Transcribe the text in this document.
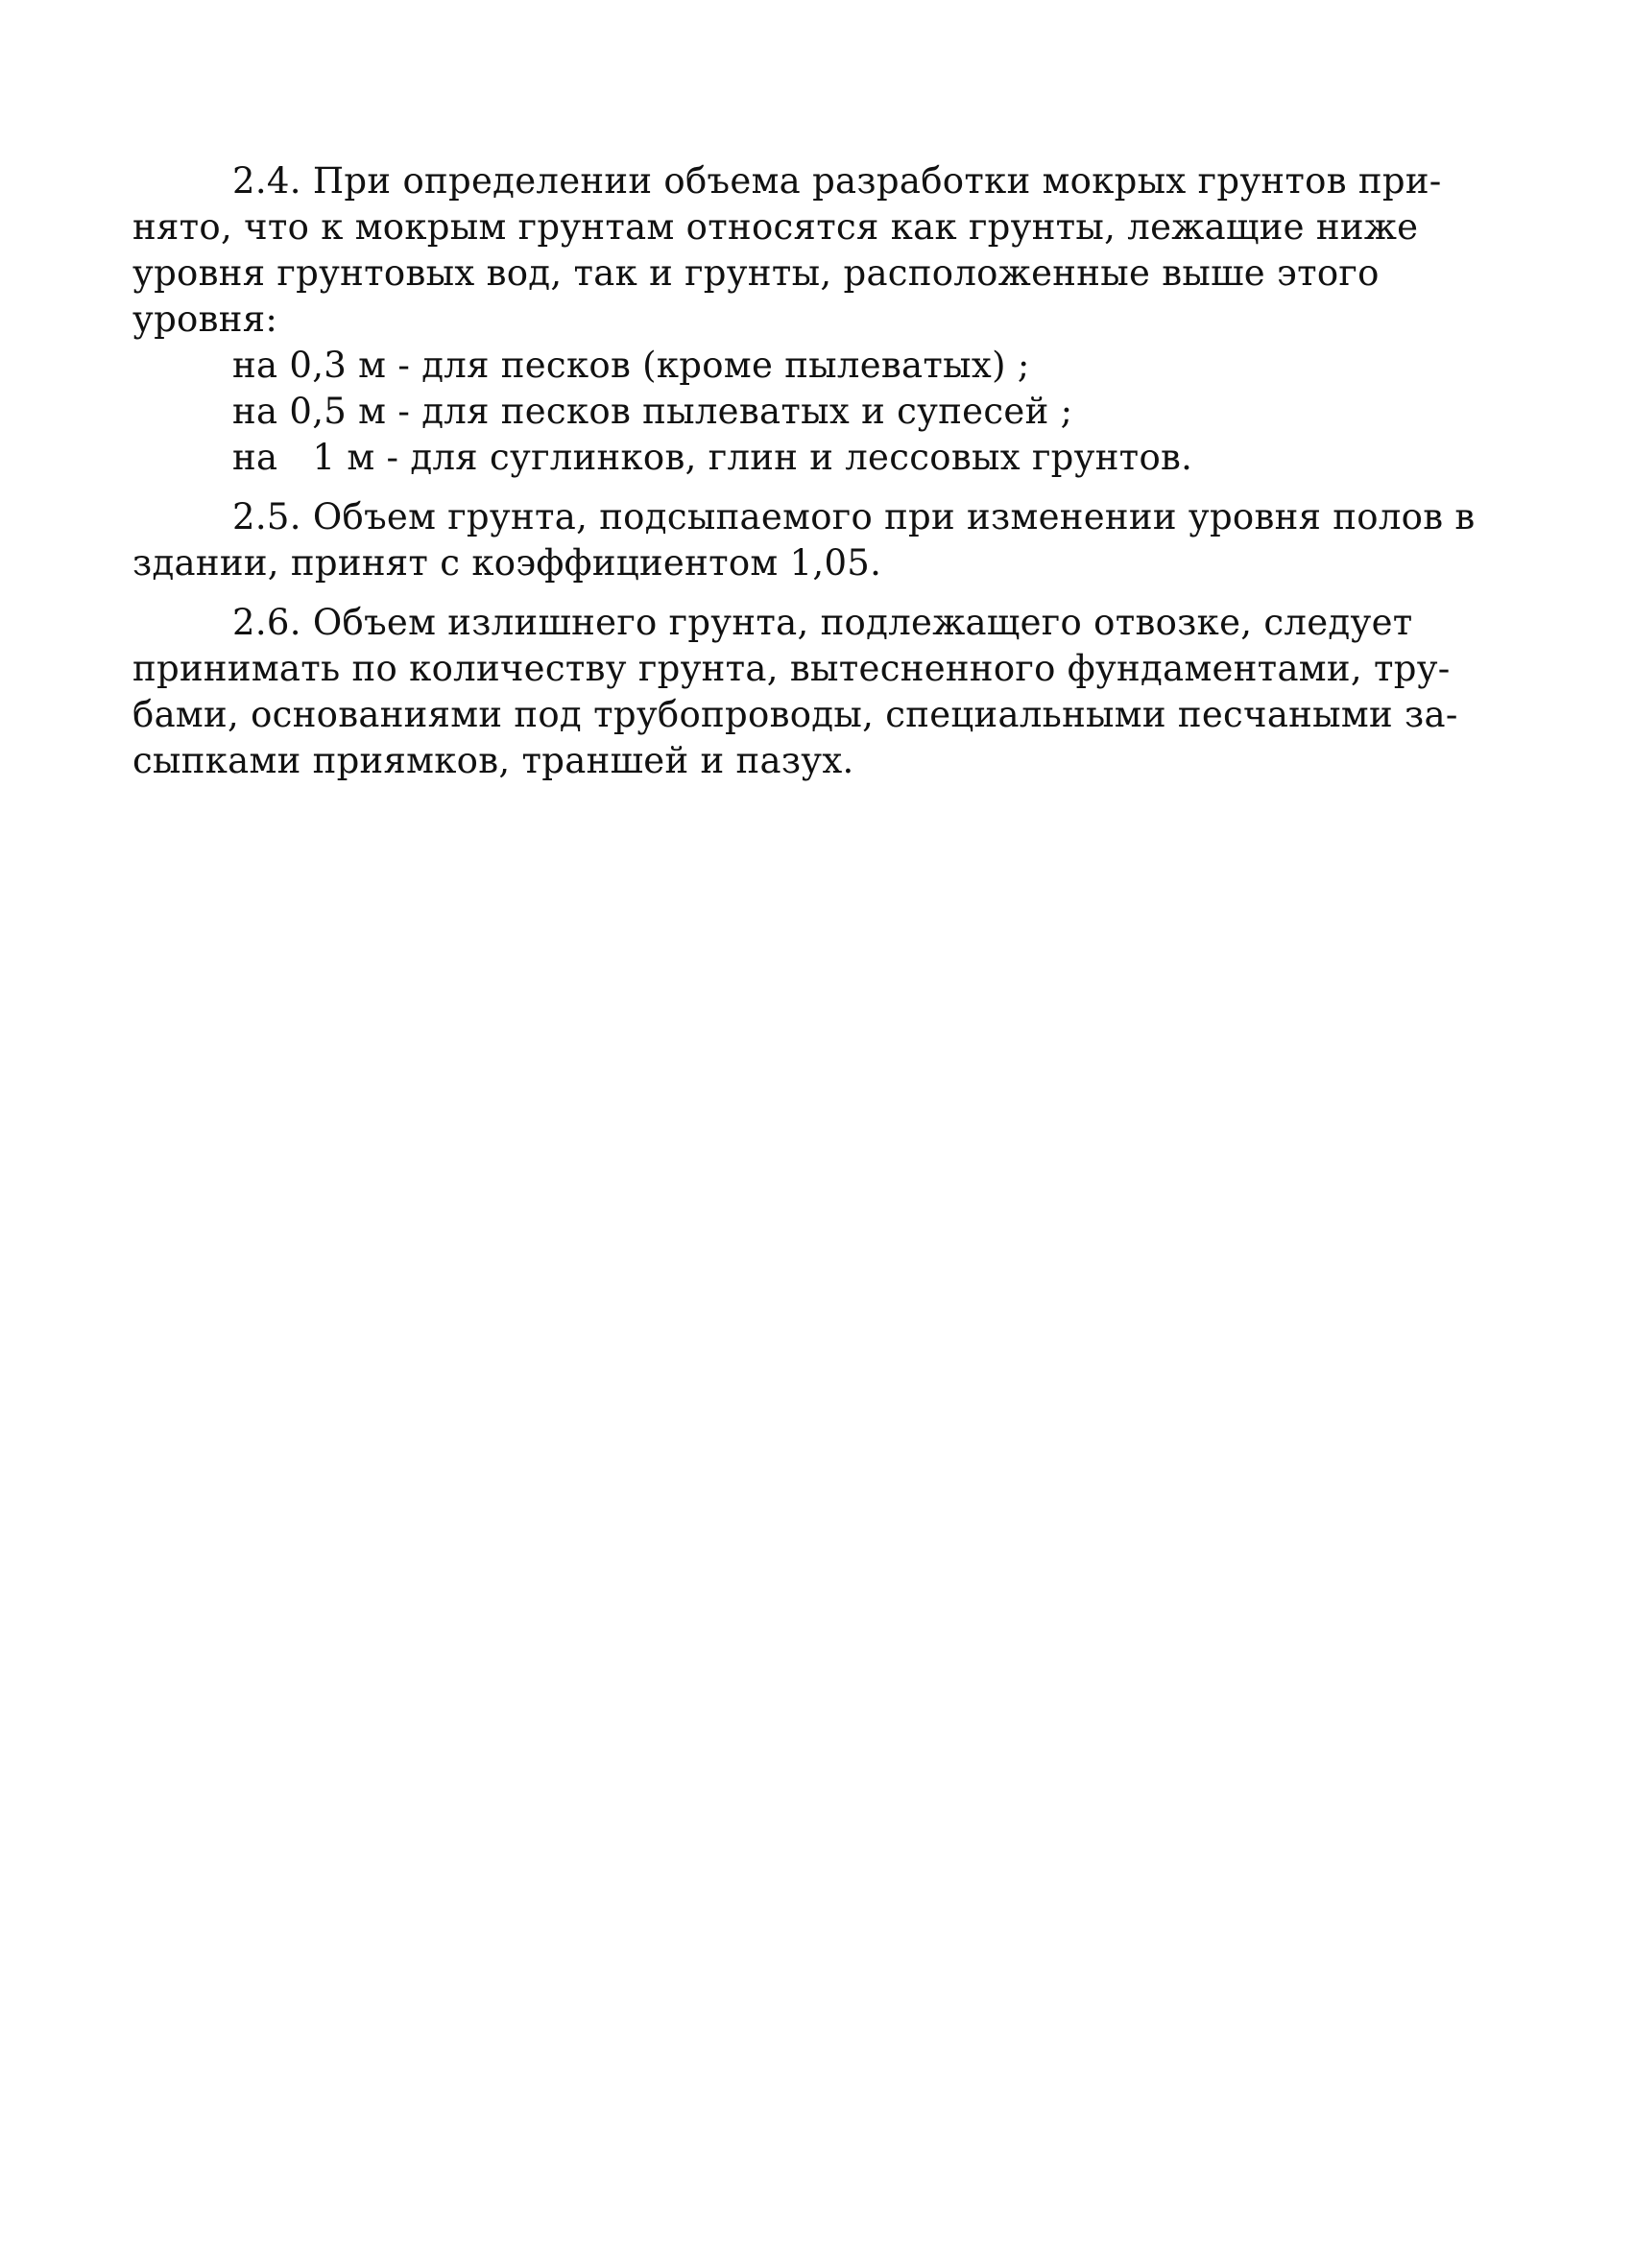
2.4. При определении объема разработки мокрых грунтов при-
нято, что к мокрым грунтам относятся как грунты, лежащие ниже
уровня грунтовых вод, так и грунты, расположенные выше этого
уровня:
на 0,3 м - для песков (кроме пылеватых) ;
на 0,5 м - для песков пылеватых и супесей ;
на   1 м - для суглинков, глин и лессовых грунтов.
2.5. Объем грунта, подсыпаемого при изменении уровня полов в
здании, принят с коэффициентом 1,05.
2.6. Объем излишнего грунта, подлежащего отвозке, следует
принимать по количеству грунта, вытесненного фундаментами, тру-
бами, основаниями под трубопроводы, специальными песчаными за-
сыпками приямков, траншей и пазух.
